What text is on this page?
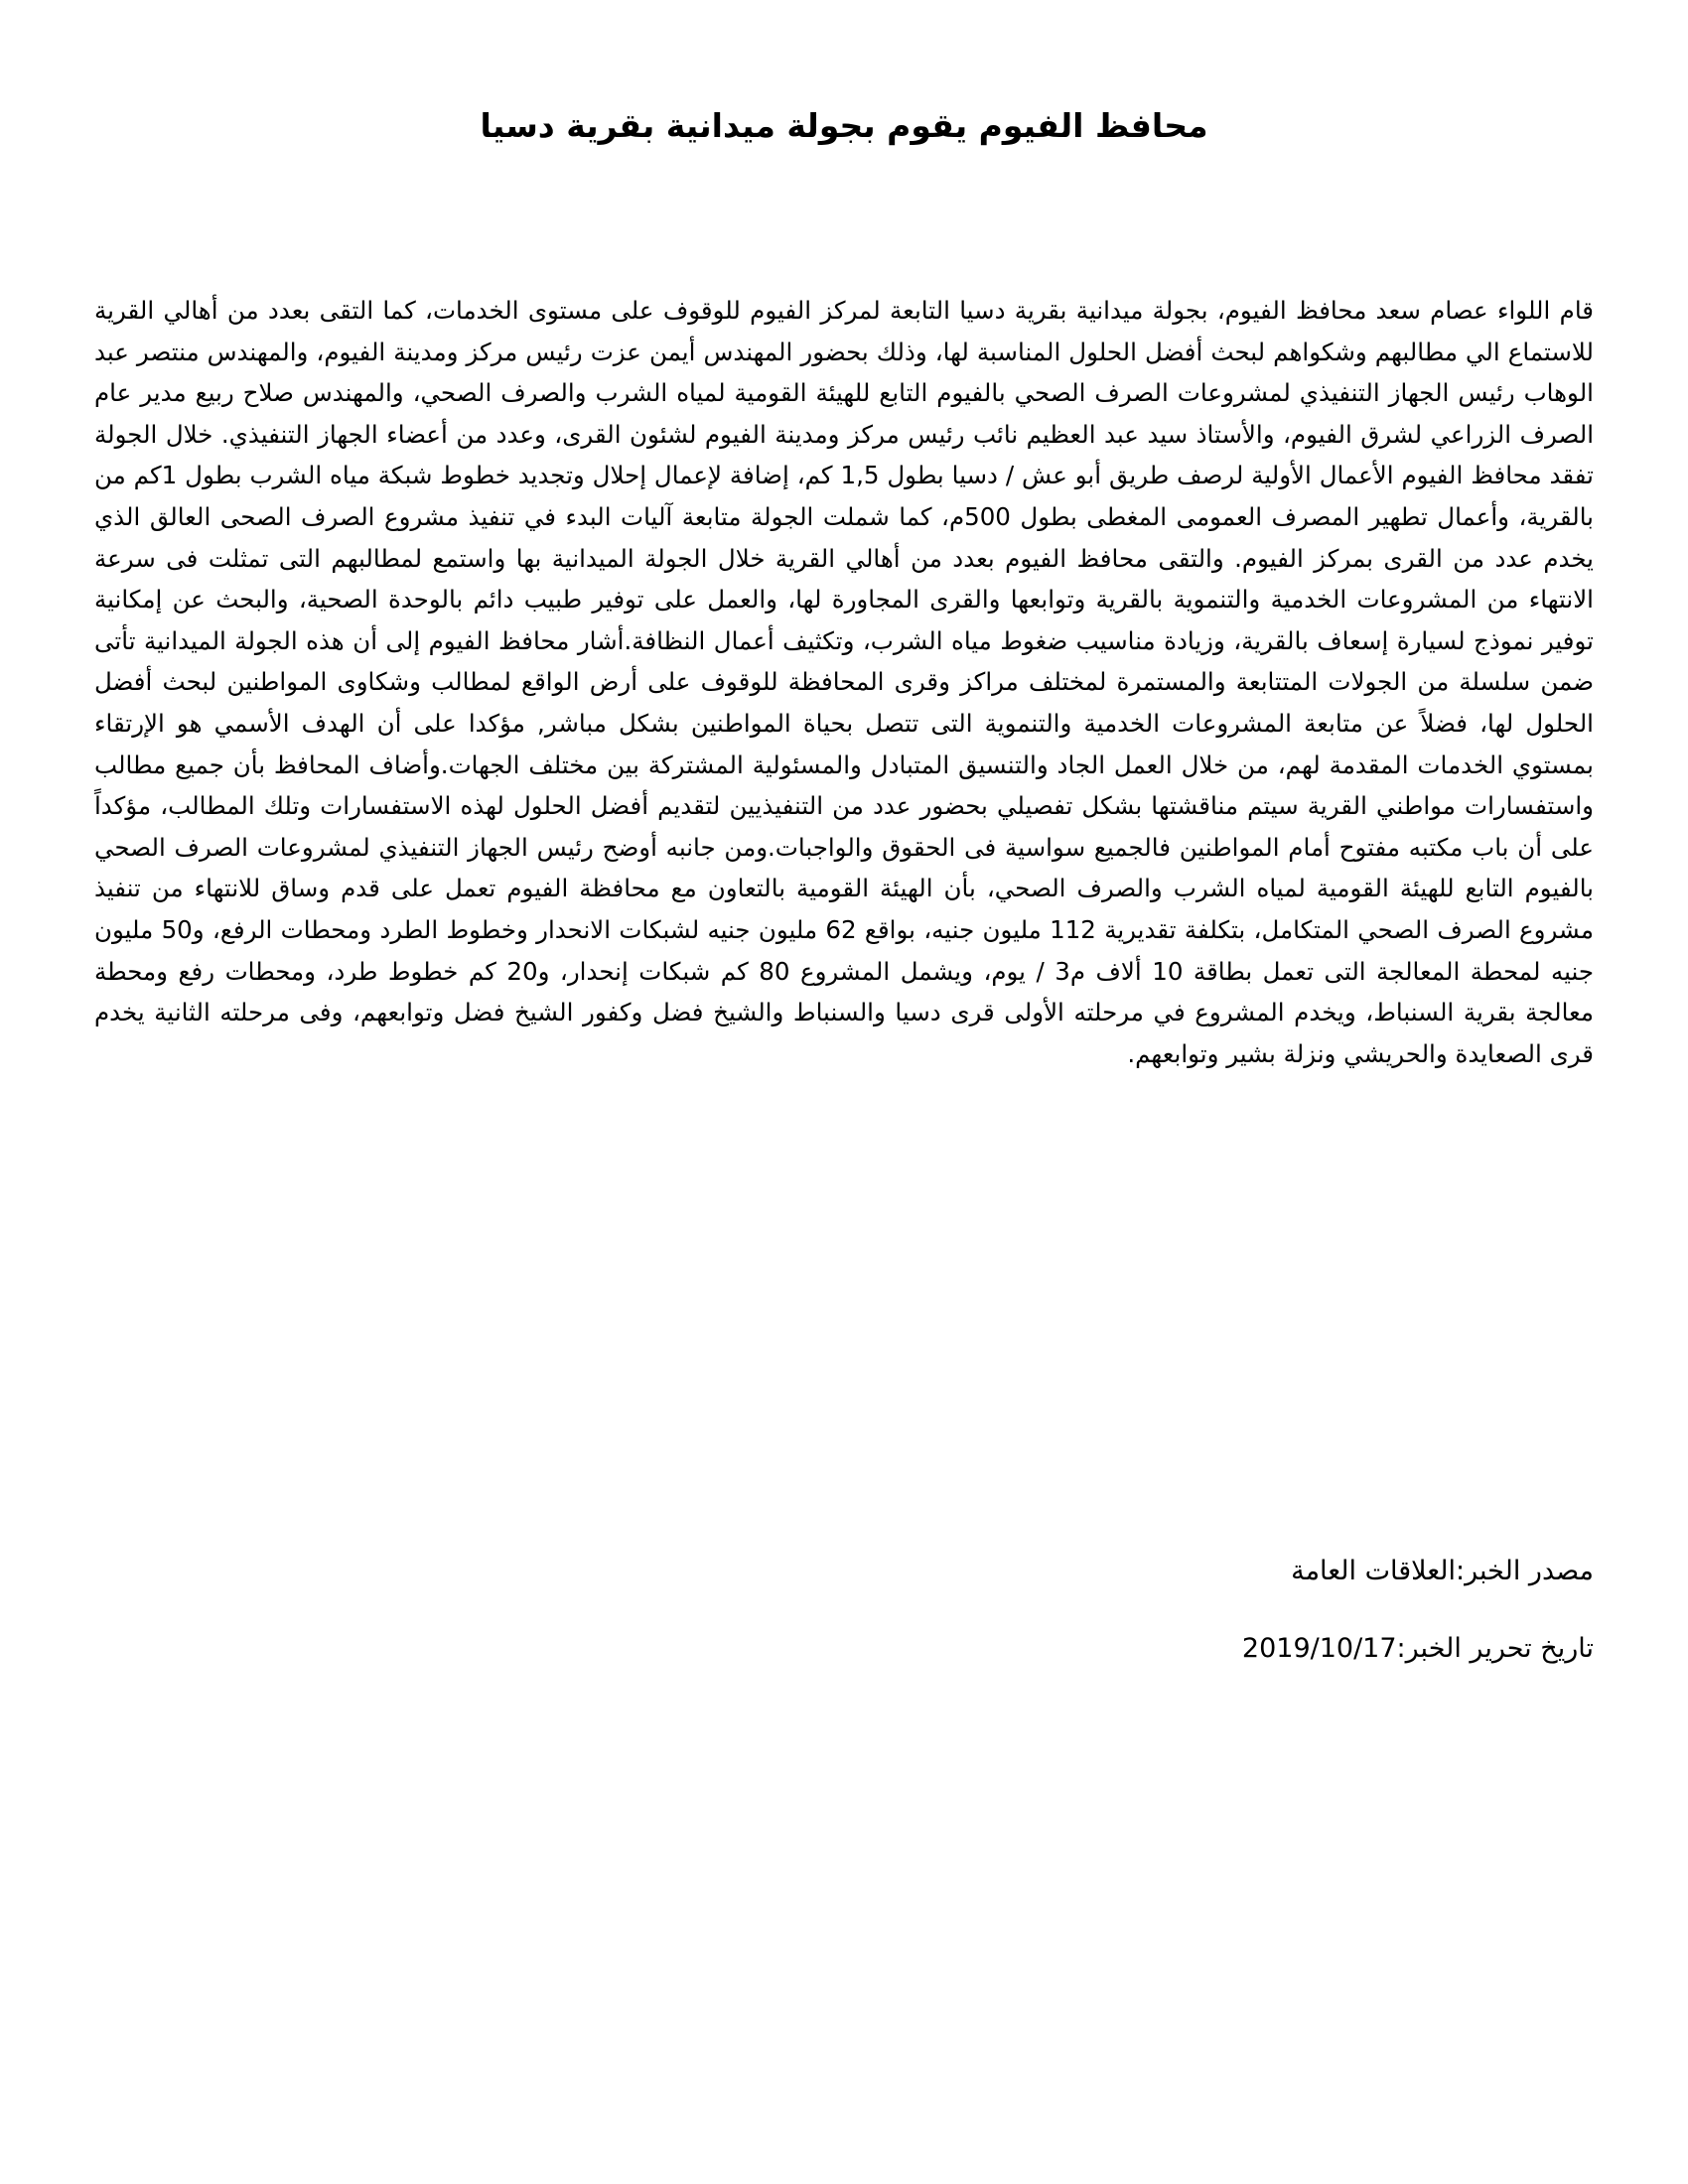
محافظ الفيوم يقوم بجولة ميدانية بقرية دسيا

قام اللواء عصام سعد محافظ الفيوم، بجولة ميدانية بقرية دسيا التابعة لمركز الفيوم للوقوف على مستوى الخدمات، كما التقى بعدد من أهالي القرية للاستماع الي مطالبهم وشكواهم لبحث أفضل الحلول المناسبة لها، وذلك بحضور المهندس أيمن عزت رئيس مركز ومدينة الفيوم، والمهندس منتصر عبد الوهاب رئيس الجهاز التنفيذي لمشروعات الصرف الصحي بالفيوم التابع للهيئة القومية لمياه الشرب والصرف الصحي، والمهندس صلاح ربيع مدير عام الصرف الزراعي لشرق الفيوم، والأستاذ سيد عبد العظيم نائب رئيس مركز ومدينة الفيوم لشئون القرى، وعدد من أعضاء الجهاز التنفيذي. خلال الجولة تفقد محافظ الفيوم الأعمال الأولية لرصف طريق أبو عش / دسيا بطول 1,5 كم، إضافة لإعمال إحلال وتجديد خطوط شبكة مياه الشرب بطول 1كم من بالقرية، وأعمال تطهير المصرف العمومى المغطى بطول 500م، كما شملت الجولة متابعة آليات البدء في تنفيذ مشروع الصرف الصحى العالق الذي يخدم عدد من القرى بمركز الفيوم. والتقى محافظ الفيوم بعدد من أهالي القرية خلال الجولة الميدانية بها واستمع لمطالبهم التى تمثلت فى سرعة الانتهاء من المشروعات الخدمية والتنموية بالقرية وتوابعها والقرى المجاورة لها، والعمل على توفير طبيب دائم بالوحدة الصحية، والبحث عن إمكانية توفير نموذج لسيارة إسعاف بالقرية، وزيادة مناسيب ضغوط مياه الشرب، وتكثيف أعمال النظافة.أشار محافظ الفيوم إلى أن هذه الجولة الميدانية تأتى ضمن سلسلة من الجولات المتتابعة والمستمرة لمختلف مراكز وقرى المحافظة للوقوف على أرض الواقع لمطالب وشكاوى المواطنين لبحث أفضل الحلول لها، فضلاً عن متابعة المشروعات الخدمية والتنموية التى تتصل بحياة المواطنين بشكل مباشر, مؤكدا على أن الهدف الأسمي هو الإرتقاء بمستوي الخدمات المقدمة لهم، من خلال العمل الجاد والتنسيق المتبادل والمسئولية المشتركة بين مختلف الجهات.وأضاف المحافظ بأن جميع مطالب واستفسارات مواطني القرية سيتم مناقشتها بشكل تفصيلي بحضور عدد من التنفيذيين لتقديم أفضل الحلول لهذه الاستفسارات وتلك المطالب، مؤكداً على أن باب مكتبه مفتوح أمام المواطنين فالجميع سواسية فى الحقوق والواجبات.ومن جانبه أوضح رئيس الجهاز التنفيذي لمشروعات الصرف الصحي بالفيوم التابع للهيئة القومية لمياه الشرب والصرف الصحي، بأن الهيئة القومية بالتعاون مع محافظة الفيوم تعمل على قدم وساق للانتهاء من تنفيذ مشروع الصرف الصحي المتكامل، بتكلفة تقديرية 112 مليون جنيه، بواقع 62 مليون جنيه لشبكات الانحدار وخطوط الطرد ومحطات الرفع، و50 مليون جنيه لمحطة المعالجة التى تعمل بطاقة 10 ألاف م3 / يوم، ويشمل المشروع 80 كم شبكات إنحدار، و20 كم خطوط طرد، ومحطات رفع ومحطة معالجة بقرية السنباط، ويخدم المشروع في مرحلته الأولى قرى دسيا والسنباط والشيخ فضل وكفور الشيخ فضل وتوابعهم، وفى مرحلته الثانية يخدم قرى الصعايدة والحريشي ونزلة بشير وتوابعهم.

مصدر الخبر:العلاقات العامة

تاريخ تحرير الخبر:2019/10/17
